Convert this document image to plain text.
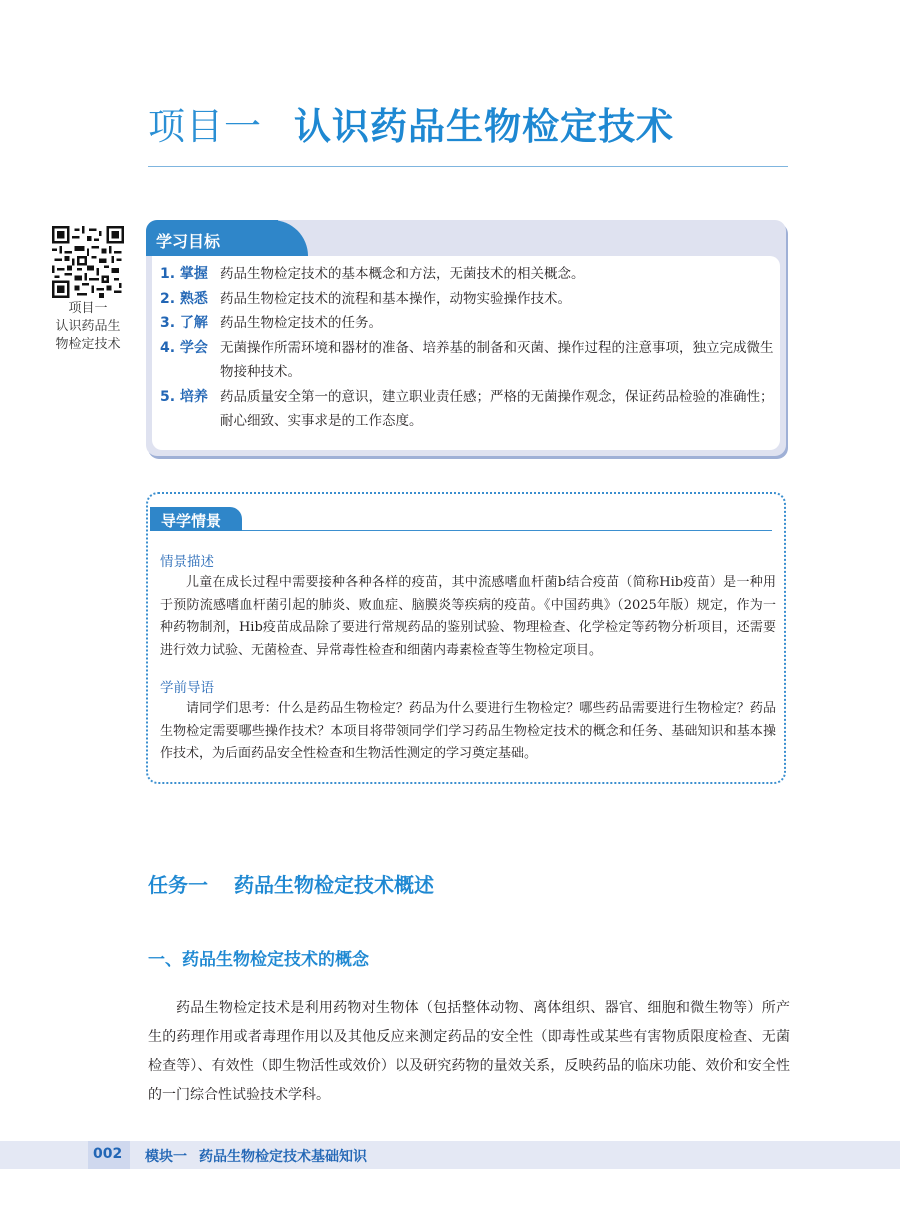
项目一 认识药品生物检定技术
项目一
认识药品生
物检定技术
学习目标
1. 掌握 药品生物检定技术的基本概念和方法，无菌技术的相关概念。
2. 熟悉 药品生物检定技术的流程和基本操作，动物实验操作技术。
3. 了解 药品生物检定技术的任务。
4. 学会 无菌操作所需环境和器材的准备、培养基的制备和灭菌、操作过程的注意事项，独立完成微生物接种技术。
5. 培养 药品质量安全第一的意识，建立职业责任感；严格的无菌操作观念，保证药品检验的准确性；耐心细致、实事求是的工作态度。
导学情景
情景描述
儿童在成长过程中需要接种各种各样的疫苗，其中流感嗜血杆菌b结合疫苗（简称Hib疫苗）是一种用于预防流感嗜血杆菌引起的肺炎、败血症、脑膜炎等疾病的疫苗。《中国药典》（2025年版）规定，作为一种药物制剂，Hib疫苗成品除了要进行常规药品的鉴别试验、物理检查、化学检定等药物分析项目，还需要进行效力试验、无菌检查、异常毒性检查和细菌内毒素检查等生物检定项目。
学前导语
请同学们思考：什么是药品生物检定？药品为什么要进行生物检定？哪些药品需要进行生物检定？药品生物检定需要哪些操作技术？本项目将带领同学们学习药品生物检定技术的概念和任务、基础知识和基本操作技术，为后面药品安全性检查和生物活性测定的学习奠定基础。
任务一 药品生物检定技术概述
一、药品生物检定技术的概念
药品生物检定技术是利用药物对生物体（包括整体动物、离体组织、器官、细胞和微生物等）所产生的药理作用或者毒理作用以及其他反应来测定药品的安全性（即毒性或某些有害物质限度检查、无菌检查等）、有效性（即生物活性或效价）以及研究药物的量效关系，反映药品的临床功能、效价和安全性的一门综合性试验技术学科。
002 模块一 药品生物检定技术基础知识
